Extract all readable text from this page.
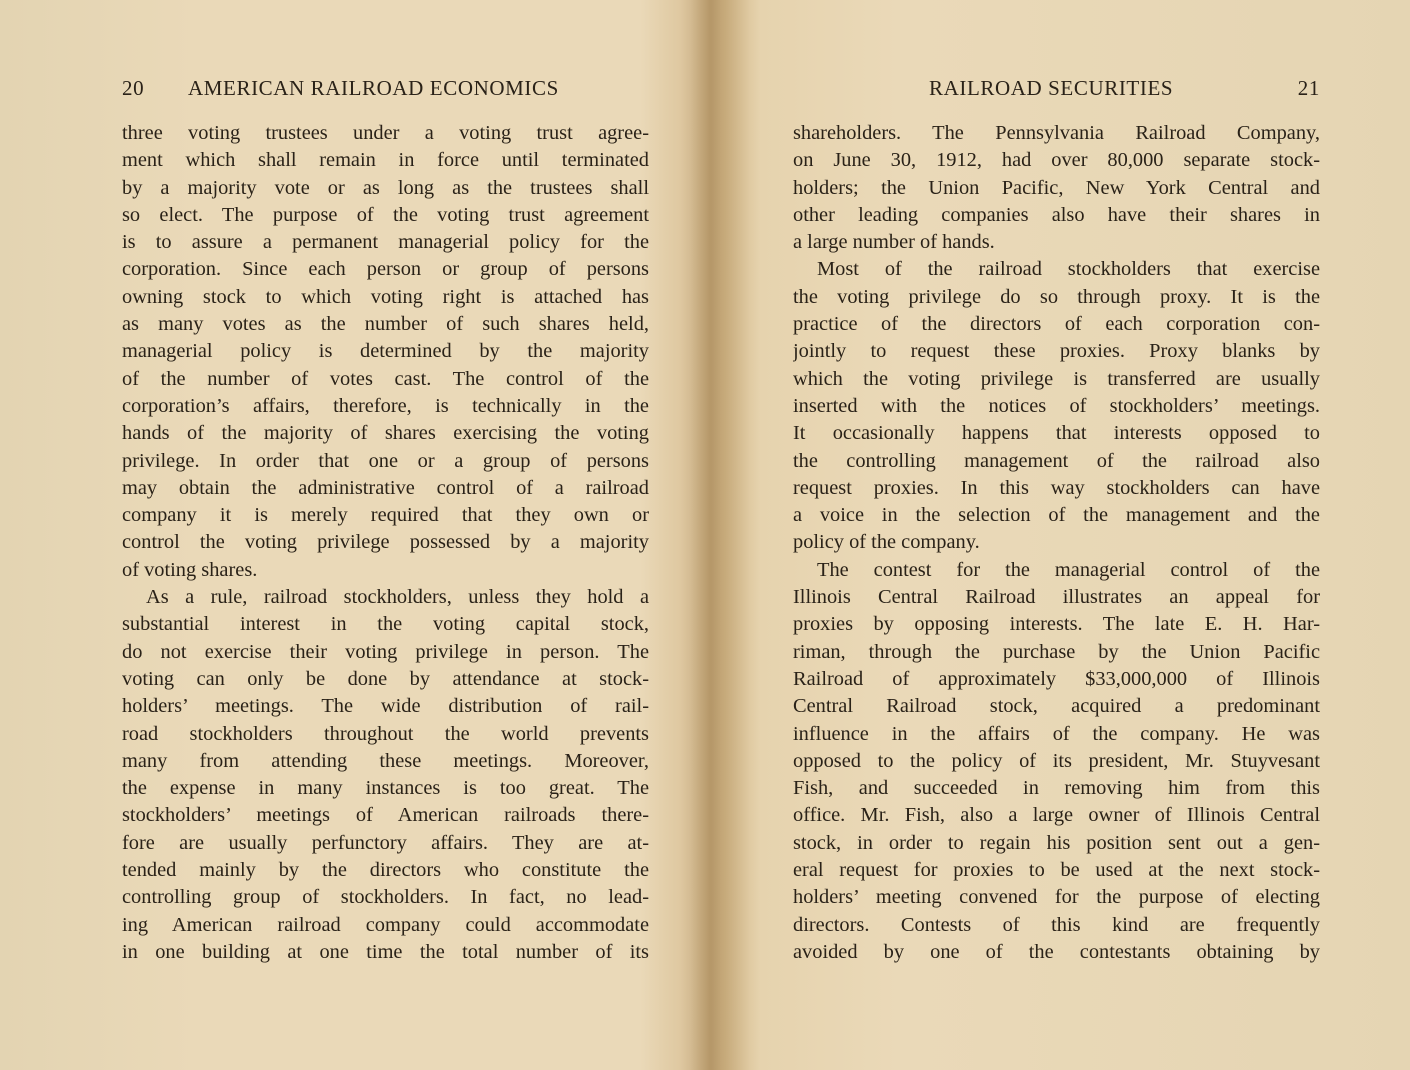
20 AMERICAN RAILROAD ECONOMICS
three voting trustees under a voting trust agree-
ment which shall remain in force until terminated
by a majority vote or as long as the trustees shall
so elect. The purpose of the voting trust agreement
is to assure a permanent managerial policy for the
corporation. Since each person or group of persons
owning stock to which voting right is attached has
as many votes as the number of such shares held,
managerial policy is determined by the majority
of the number of votes cast. The control of the
corporation’s affairs, therefore, is technically in the
hands of the majority of shares exercising the voting
privilege. In order that one or a group of persons
may obtain the administrative control of a railroad
company it is merely required that they own or
control the voting privilege possessed by a majority
of voting shares.
As a rule, railroad stockholders, unless they hold a
substantial interest in the voting capital stock,
do not exercise their voting privilege in person. The
voting can only be done by attendance at stock-
holders’ meetings. The wide distribution of rail-
road stockholders throughout the world prevents
many from attending these meetings. Moreover,
the expense in many instances is too great. The
stockholders’ meetings of American railroads there-
fore are usually perfunctory affairs. They are at-
tended mainly by the directors who constitute the
controlling group of stockholders. In fact, no lead-
ing American railroad company could accommodate
in one building at one time the total number of its
RAILROAD SECURITIES	21
shareholders. The Pennsylvania Railroad Company,
on June 30, 1912, had over 80,000 separate stock-
holders; the Union Pacific, New York Central and
other leading companies also have their shares in
a large number of hands.
Most of the railroad stockholders that exercise
the voting privilege do so through proxy. It is the
practice of the directors of each corporation con-
jointly to request these proxies. Proxy blanks by
which the voting privilege is transferred are usually
inserted with the notices of stockholders’ meetings.
It occasionally happens that interests opposed to
the controlling management of the railroad also
request proxies. In this way stockholders can have
a voice in the selection of the management and the
policy of the company.
The contest for the managerial control of the
Illinois Central Railroad illustrates an appeal for
proxies by opposing interests. The late E. H. Har-
riman, through the purchase by the Union Pacific
Railroad of approximately $33,000,000 of Illinois
Central Railroad stock, acquired a predominant
influence in the affairs of the company. He was
opposed to the policy of its president, Mr. Stuyvesant
Fish, and succeeded in removing him from this
office. Mr. Fish, also a large owner of Illinois Central
stock, in order to regain his position sent out a gen-
eral request for proxies to be used at the next stock-
holders’ meeting convened for the purpose of electing
directors. Contests of this kind are frequently
avoided by one of the contestants obtaining by
